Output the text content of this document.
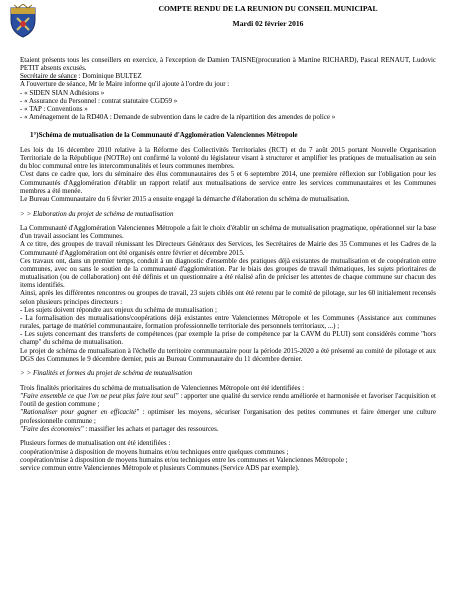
COMPTE RENDU DE LA REUNION DU CONSEIL MUNICIPAL
Mardi 02 février 2016

Etaient présents tous les conseillers en exercice, à l'exception de Damien TAISNE(procuration à Martine RICHARD), Pascal RENAUT, Ludovic PETIT absents excusés.

Secrétaire de séance : Dominique BULTEZ

A l'ouverture de séance, Mr le Maire informe qu'il ajoute à l'ordre du jour :

- « SIDEN SIAN Adhésions »

- « Assurance du Personnel : contrat statutaire CGD59 »

- « TAP : Conventions »

- « Aménagement de la RD40A : Demande de subvention dans le cadre de la répartition des amendes de police »

1°)Schéma de mutualisation de la Communauté d'Agglomération Valenciennes Métropole

Les lois du 16 décembre 2010 relative à la Réforme des Collectivités Territoriales (RCT) et du 7 août 2015 portant Nouvelle Organisation Territoriale de la République (NOTRe) ont confirmé la volonté du législateur visant à structurer et amplifier les pratiques de mutualisation au sein du bloc communal entre les intercommunalités et leurs communes membres.

C'est dans ce cadre que, lors du séminaire des élus communautaires des 5 et 6 septembre 2014, une première réflexion sur l'obligation pour les Communautés d'Agglomération d'établir un rapport relatif aux mutualisations de service entre les services communautaires et les Communes membres a été menée.

Le Bureau Communautaire du 6 février 2015 a ensuite engagé la démarche d'élaboration du schéma de mutualisation.

> > Elaboration du projet de schéma de mutualisation

La Communauté d'Agglomération Valenciennes Métropole a fait le choix d'établir un schéma de mutualisation pragmatique, opérationnel sur la base d'un travail associant les Communes.

A ce titre, des groupes de travail réunissant les Directeurs Généraux des Services, les Secrétaires de Mairie des 35 Communes et les Cadres de la Communauté d'Agglomération ont été organisés entre février et décembre 2015.

Ces travaux ont, dans un premier temps, conduit à un diagnostic d'ensemble des pratiques déjà existantes de mutualisation et de coopération entre communes, avec ou sans le soutien de la communauté d'agglomération. Par le biais des groupes de travail thématiques, les sujets prioritaires de mutualisation (ou de collaboration) ont été définis et un questionnaire a été réalisé afin de préciser les attentes de chaque commune sur chacun des items identifiés.

Ainsi, après les différentes rencontres ou groupes de travail, 23 sujets ciblés ont été retenu par le comité de pilotage, sur les 60 initialement recensés selon plusieurs principes directeurs :

- Les sujets doivent répondre aux enjeux du schéma de mutualisation ;

- La formalisation des mutualisations/coopérations déjà existantes entre Valenciennes Métropole et les Communes (Assistance aux communes rurales, partage de matériel communautaire, formation professionnelle territoriale des personnels territoriaux, ...) ;

- Les sujets concernant des transferts de compétences (par exemple la prise de compétence par la CAVM du PLUI) sont considérés comme "hors champ" du schéma de mutualisation.

Le projet de schéma de mutualisation à l'échelle du territoire communautaire pour la période 2015-2020 a été présenté au comité de pilotage et aux DGS des Communes le 9 décembre dernier, puis au Bureau Communautaire du 11 décembre dernier.

> > Finalités et formes du projet de schéma de mutualisation

Trois finalités prioritaires du schéma de mutualisation de Valenciennes Métropole ont été identifiées :

"Faire ensemble ce que l'on ne peut plus faire tout seul" : apporter une qualité du service rendu améliorée et harmonisée et favoriser l'acquisition et l'outil de gestion commune ;

"Rationaliser pour gagner en efficacité" : optimiser les moyens, sécuriser l'organisation des petites communes et faire émerger une culture professionnelle commune ;

"Faire des économies" : massifier les achats et partager des ressources.

Plusieurs formes de mutualisation ont été identifiées :

coopération/mise à disposition de moyens humains et/ou techniques entre quelques communes ;

coopération/mise à disposition de moyens humains et/ou techniques entre les communes et Valenciennes Métropole ;

service commun entre Valenciennes Métropole et plusieurs Communes (Service ADS par exemple).
